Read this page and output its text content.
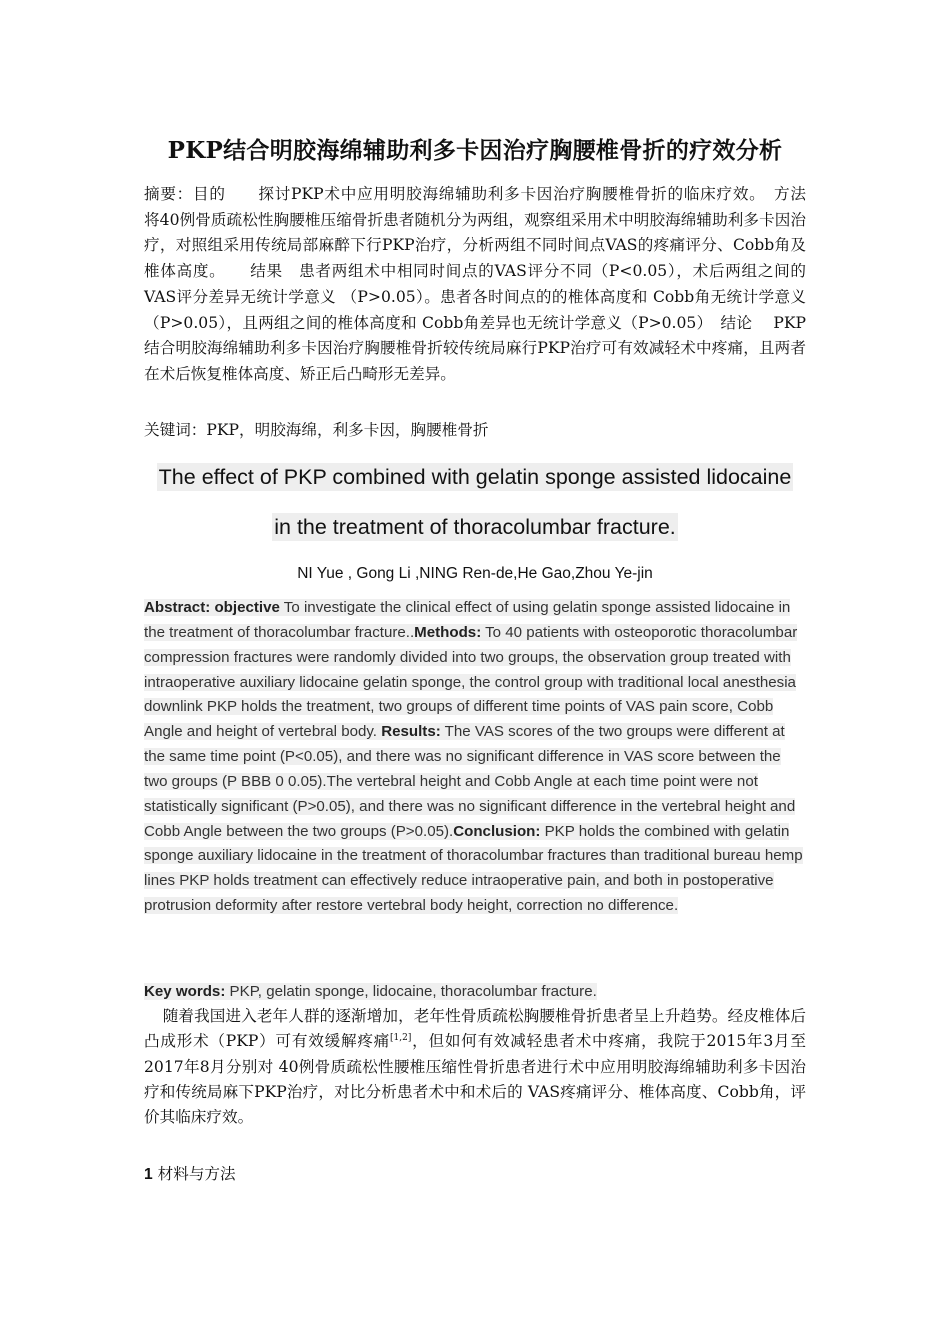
PKP结合明胶海绵辅助利多卡因治疗胸腰椎骨折的疗效分析
摘要：目的　　探讨PKP术中应用明胶海绵辅助利多卡因治疗胸腰椎骨折的临床疗效。　方法　　将40例骨质疏松性胸腰椎压缩骨折患者随机分为两组，观察组采用术中明胶海绵辅助利多卡因治疗，对照组采用传统局部麻醉下行PKP治疗，分析两组不同时间点VAS的疼痛评分、Cobb角及椎体高度。　　结果　患者两组术中相同时间点的VAS评分不同（P<0.05），术后两组之间的 VAS评分差异无统计学意义 （P>0.05）。患者各时间点的的椎体高度和 Cobb角无统计学意义（P>0.05），且两组之间的椎体高度和 Cobb角差异也无统计学意义（P>0.05）　结论　 PKP结合明胶海绵辅助利多卡因治疗胸腰椎骨折较传统局麻行PKP治疗可有效减轻术中疼痛，且两者在术后恢复椎体高度、矫正后凸畸形无差异。
关键词：PKP，明胶海绵，利多卡因，胸腰椎骨折
The effect of PKP combined with gelatin sponge assisted lidocaine
in the treatment of thoracolumbar fracture.
NI Yue , Gong Li ,NING Ren-de,He Gao,Zhou Ye-jin
Abstract: objective To investigate the clinical effect of using gelatin sponge assisted lidocaine in the treatment of thoracolumbar fracture..Methods: To 40 patients with osteoporotic thoracolumbar compression fractures were randomly divided into two groups, the observation group treated with intraoperative auxiliary lidocaine gelatin sponge, the control group with traditional local anesthesia downlink PKP holds the treatment, two groups of different time points of VAS pain score, Cobb Angle and height of vertebral body. Results: The VAS scores of the two groups were different at the same time point (P<0.05), and there was no significant difference in VAS score between the two groups (P BBB 0 0.05).The vertebral height and Cobb Angle at each time point were not statistically significant (P>0.05), and there was no significant difference in the vertebral height and Cobb Angle between the two groups (P>0.05).Conclusion: PKP holds the combined with gelatin sponge auxiliary lidocaine in the treatment of thoracolumbar fractures than traditional bureau hemp lines PKP holds treatment can effectively reduce intraoperative pain, and both in postoperative protrusion deformity after restore vertebral body height, correction no difference.
Key words: PKP, gelatin sponge, lidocaine, thoracolumbar fracture.
随着我国进入老年人群的逐渐增加，老年性骨质疏松胸腰椎骨折患者呈上升趋势。经皮椎体后凸成形术（PKP）可有效缓解疼痛[1,2]，但如何有效减轻患者术中疼痛，我院于2015年3月至2017年8月分别对 40例骨质疏松性腰椎压缩性骨折患者进行术中应用明胶海绵辅助利多卡因治疗和传统局麻下PKP治疗，对比分析患者术中和术后的 VAS疼痛评分、椎体高度、Cobb角，评价其临床疗效。
1 材料与方法
